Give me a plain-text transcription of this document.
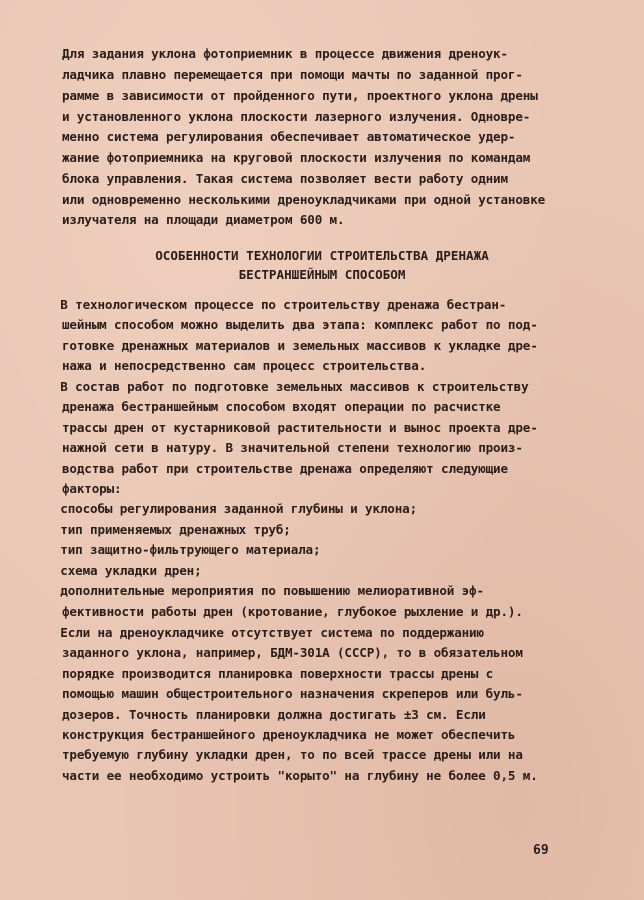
Для задания уклона фотоприемник в процессе движения дреноук-
ладчика плавно перемещается при помощи мачты по заданной прог-
рамме в зависимости от пройденного пути, проектного уклона дрены
и установленного уклона плоскости лазерного излучения. Одновре-
менно система регулирования обеспечивает автоматическое удер-
жание фотоприемника на круговой плоскости излучения по командам
блока управления. Такая система позволяет вести работу одним
или одновременно несколькими дреноукладчиками при одной установке
излучателя на площади диаметром 600 м.
ОСОБЕННОСТИ ТЕХНОЛОГИИ СТРОИТЕЛЬСТВА ДРЕНАЖА
БЕСТРАНШЕЙНЫМ СПОСОБОМ
В технологическом процессе по строительству дренажа бестран-
шейным способом можно выделить два этапа: комплекс работ по под-
готовке дренажных материалов и земельных массивов к укладке дре-
нажа и непосредственно сам процесс строительства.
В состав работ по подготовке земельных массивов к строительству
дренажа бестраншейным способом входят операции по расчистке
трассы дрен от кустарниковой растительности и вынос проекта дре-
нажной сети в натуру. В значительной степени технологию произ-
водства работ при строительстве дренажа определяют следующие
факторы:
способы регулирования заданной глубины и уклона;
тип применяемых дренажных труб;
тип защитно-фильтрующего материала;
схема укладки дрен;
дополнительные мероприятия по повышению мелиоративной эф-
фективности работы дрен (кротование, глубокое рыхление и др.).
Если на дреноукладчике отсутствует система по поддержанию
заданного уклона, например, БДМ-301А (СССР), то в обязательном
порядке производится планировка поверхности трассы дрены с
помощью машин общестроительного назначения скреперов или буль-
дозеров. Точность планировки должна достигать ±3 см. Если
конструкция бестраншейного дреноукладчика не может обеспечить
требуемую глубину укладки дрен, то по всей трассе дрены или на
части ее необходимо устроить "корыто" на глубину не более 0,5 м.
69
